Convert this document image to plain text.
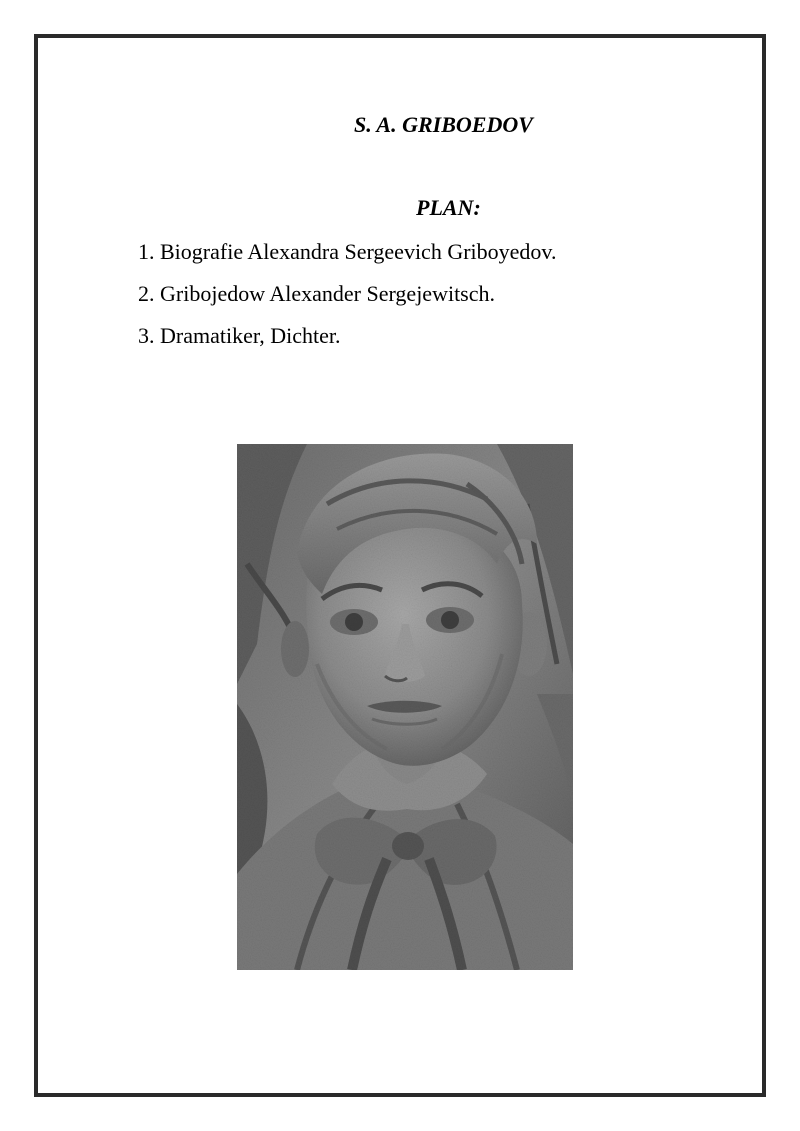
S. A. GRIBOEDOV
PLAN:
1. Biografie Alexandra Sergeevich Griboyedov.
2. Gribojedow Alexander Sergejewitsch.
3. Dramatiker, Dichter.
